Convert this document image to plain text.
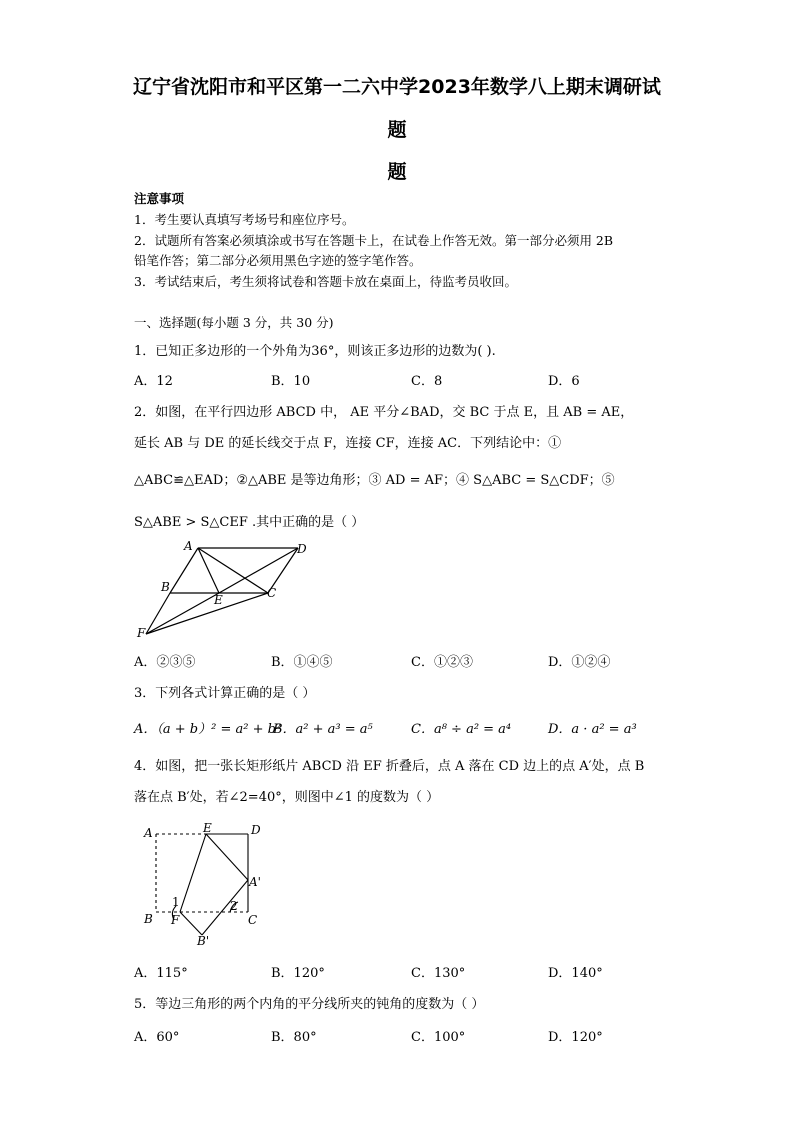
辽宁省沈阳市和平区第一二六中学2023年数学八上期末调研试
题
题
注意事项
1．考生要认真填写考场号和座位序号。
2．试题所有答案必须填涂或书写在答题卡上，在试卷上作答无效。第一部分必须用 2B
铅笔作答；第二部分必须用黑色字迹的签字笔作答。
3．考试结束后，考生须将试卷和答题卡放在桌面上，待监考员收回。
一、选择题(每小题 3 分，共 30 分)
1．已知正多边形的一个外角为36°，则该正多边形的边数为( ).
A．12	B．10	C．8	D．6
2．如图，在平行四边形 ABCD 中， AE 平分∠BAD，交 BC 于点 E，且 AB = AE，
延长 AB 与 DE 的延长线交于点 F，连接 CF，连接 AC．下列结论中：①
△ABC≌△EAD；②△ABE 是等边角形；③ AD = AF；④ S△ABC = S△CDF；⑤
S△ABE > S△CEF .其中正确的是（ ）
A	D
B
E	C
F
A．②③⑤	B．①④⑤	C．①②③	D．①②④
3．下列各式计算正确的是（ ）
A．（a + b）² = a² + b²
B．a² + a³ = a⁵	C．a⁸ ÷ a² = a⁴	D．a · a² = a³
4．如图，把一张长矩形纸片 ABCD 沿 EF 折叠后，点 A 落在 CD 边上的点 A′处，点 B
落在点 B′处，若∠2=40°，则图中∠1 的度数为（ ）
A	E	D
A'
1	2
B F	C
B'
A．115°	B．120°	C．130°	D．140°
5．等边三角形的两个内角的平分线所夹的钝角的度数为（ ）
A．60°	B．80°	C．100°	D．120°
